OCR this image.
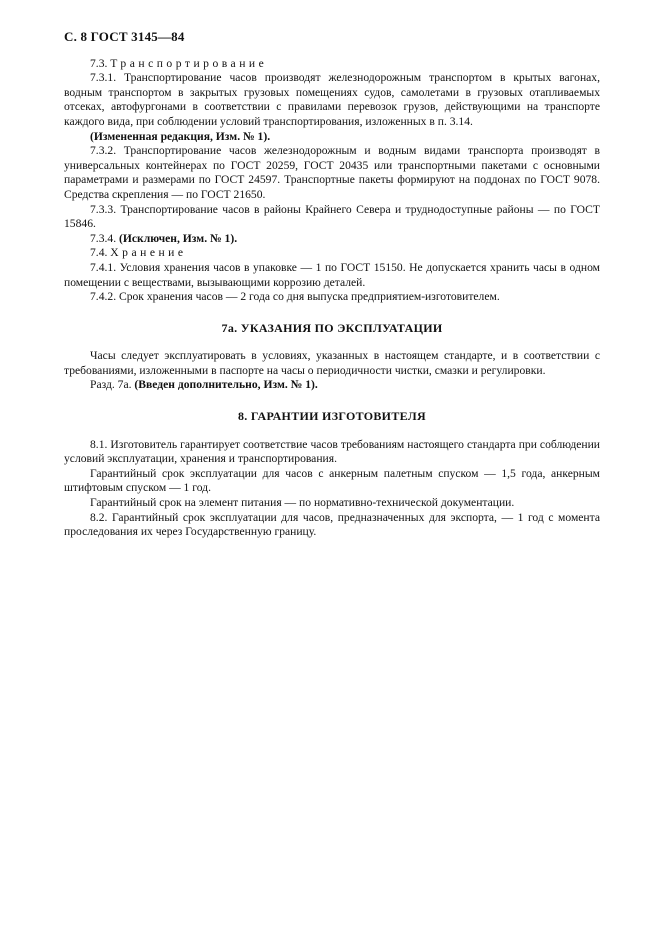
С. 8 ГОСТ 3145—84

7.3. Транспортирование

7.3.1. Транспортирование часов производят железнодорожным транспортом в крытых вагонах, водным транспортом в закрытых грузовых помещениях судов, самолетами в грузовых отапливаемых отсеках, автофургонами в соответствии с правилами перевозок грузов, действующими на транспорте каждого вида, при соблюдении условий транспортирования, изложенных в п. 3.14.

(Измененная редакция, Изм. № 1).

7.3.2. Транспортирование часов железнодорожным и водным видами транспорта производят в универсальных контейнерах по ГОСТ 20259, ГОСТ 20435 или транспортными пакетами с основными параметрами и размерами по ГОСТ 24597. Транспортные пакеты формируют на поддонах по ГОСТ 9078. Средства скрепления — по ГОСТ 21650.

7.3.3. Транспортирование часов в районы Крайнего Севера и труднодоступные районы — по ГОСТ 15846.

7.3.4. (Исключен, Изм. № 1).

7.4. Хранение

7.4.1. Условия хранения часов в упаковке — 1 по ГОСТ 15150. Не допускается хранить часы в одном помещении с веществами, вызывающими коррозию деталей.

7.4.2. Срок хранения часов — 2 года со дня выпуска предприятием-изготовителем.

7а. УКАЗАНИЯ ПО ЭКСПЛУАТАЦИИ

Часы следует эксплуатировать в условиях, указанных в настоящем стандарте, и в соответствии с требованиями, изложенными в паспорте на часы о периодичности чистки, смазки и регулировки.

Разд. 7а. (Введен дополнительно, Изм. № 1).

8. ГАРАНТИИ ИЗГОТОВИТЕЛЯ

8.1. Изготовитель гарантирует соответствие часов требованиям настоящего стандарта при соблюдении условий эксплуатации, хранения и транспортирования.

Гарантийный срок эксплуатации для часов с анкерным палетным спуском — 1,5 года, анкерным штифтовым спуском — 1 год.

Гарантийный срок на элемент питания — по нормативно-технической документации.

8.2. Гарантийный срок эксплуатации для часов, предназначенных для экспорта, — 1 год с момента проследования их через Государственную границу.
